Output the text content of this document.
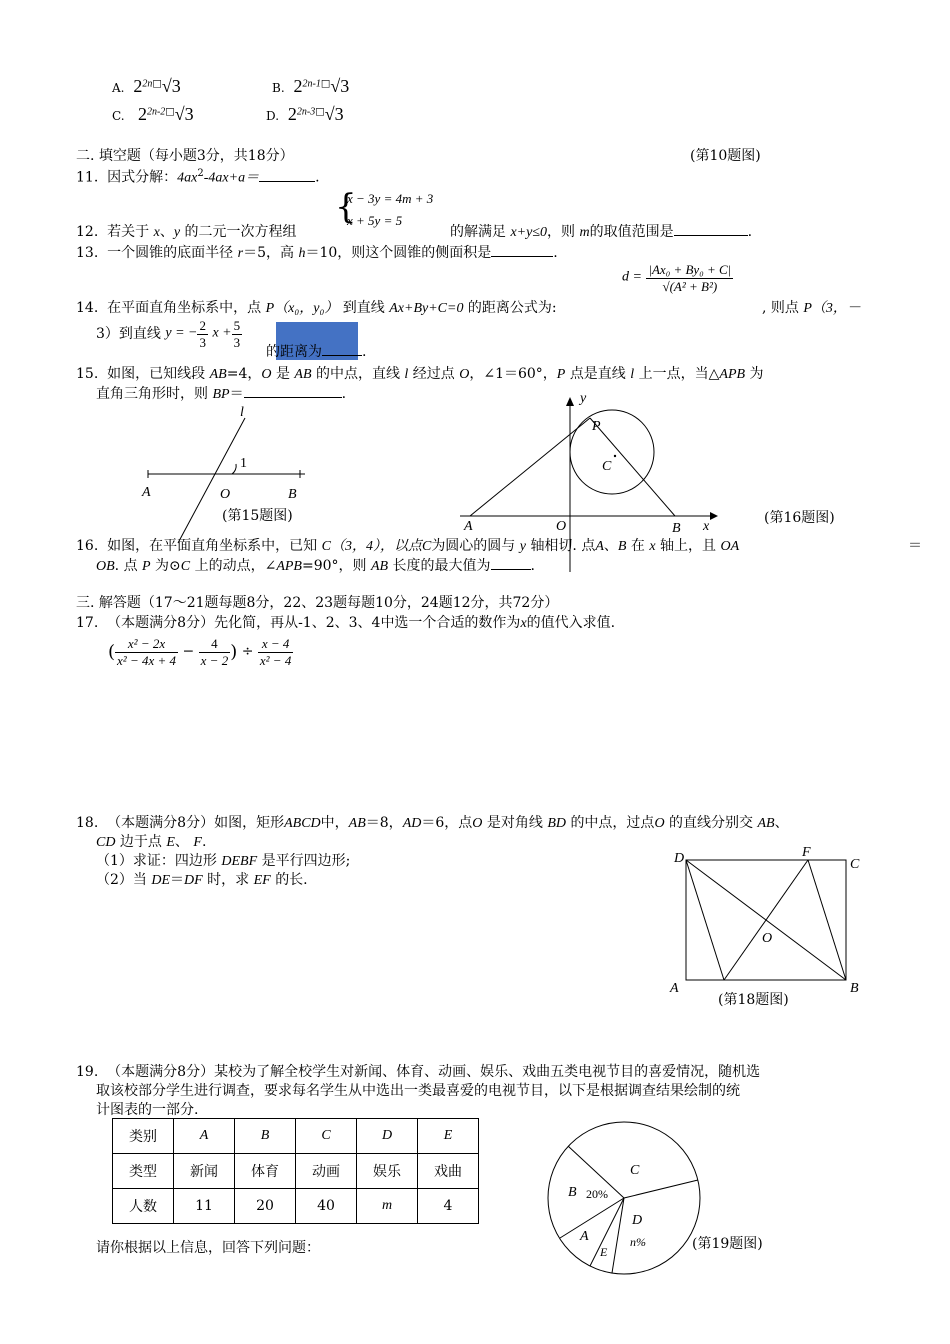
A. $2^{2n□}√3$	B. $2^{2n-1□}√3$
C. $2^{2n-2□}√3$	D. $2^{2n-3□}√3$
二. 填空题（每小题3分，共18分）	(第10题图)
11. 因式分解：$4ax^2-4ax+a=$	.
{
x − 3y = 4m + 3
x + 5y = 5
12. 若关于 x、y 的二元一次方程组	的解满足 x+y≤0，则 m的取值范围是	.
13. 一个圆锥的底面半径 r＝5，高 h＝10，则这个圆锥的侧面积是	.
$d = \frac{\text{|Ax₀ + By₀ + C|}}{\text{√(A² + B²)}}$
14. 在平面直角坐标系中，点 P（x₀，y₀） 到直线 Ax+By+C=0 的距离公式为:	, 则点 P（3，－
3）到直线 y = − $\frac{2}{3}$ $x + \frac{5}{3}$
的距离为	.
15. 如图，已知线段 AB=4，O 是 AB 的中点，直线 l 经过点 O，∠1＝60°，P 点是直线 l 上一点，当△APB 为
直角三角形时，则 BP＝	.
l
1
A	O	B
(第15题图)
y
x
P
C
A	O	B
(第16题图)
16. 如图，在平面直角坐标系中，已知 C（3，4），以点C为圆心的圆与 y 轴相切. 点A、B 在 x 轴上，且 OA
OB. 点 P 为⊙C 上的动点，∠APB=90°，则 AB 长度的最大值为	.
＝
三. 解答题（17～21题每题8分，22、23题每题10分，24题12分，共72分）
17. （本题满分8分）先化简，再从-1、2、3、4中选一个合适的数作为x的值代入求值.
( $\frac{\text{x² − 2x}}{\text{x² − 4x + 4}} - \frac{4}{x - 2}$ ) ÷ $\frac{x - 4}{\text{x² − 4}}$
18. （本题满分8分）如图，矩形ABCD中，AB＝8，AD＝6，点O 是对角线 BD 的中点，过点O 的直线分别交 AB、
CD 边于点 E、 F.
（1）求证：四边形 DEBF 是平行四边形;
（2）当 DE＝DF 时，求 EF 的长.
D	F
C
O
A	B
(第18题图)
19. （本题满分8分）某校为了解全校学生对新闻、体育、动画、娱乐、戏曲五类电视节目的喜爱情况，随机选
取该校部分学生进行调查，要求每名学生从中选出一类最喜爱的电视节目，以下是根据调查结果绘制的统
计图表的一部分.
类别	A	B	C	D	E
类型	新闻	体育	动画	娱乐	戏曲
人数	11	20	40	m	4
请你根据以上信息，回答下列问题：
C
B 20%
A
D
n%
E	(第19题图)
